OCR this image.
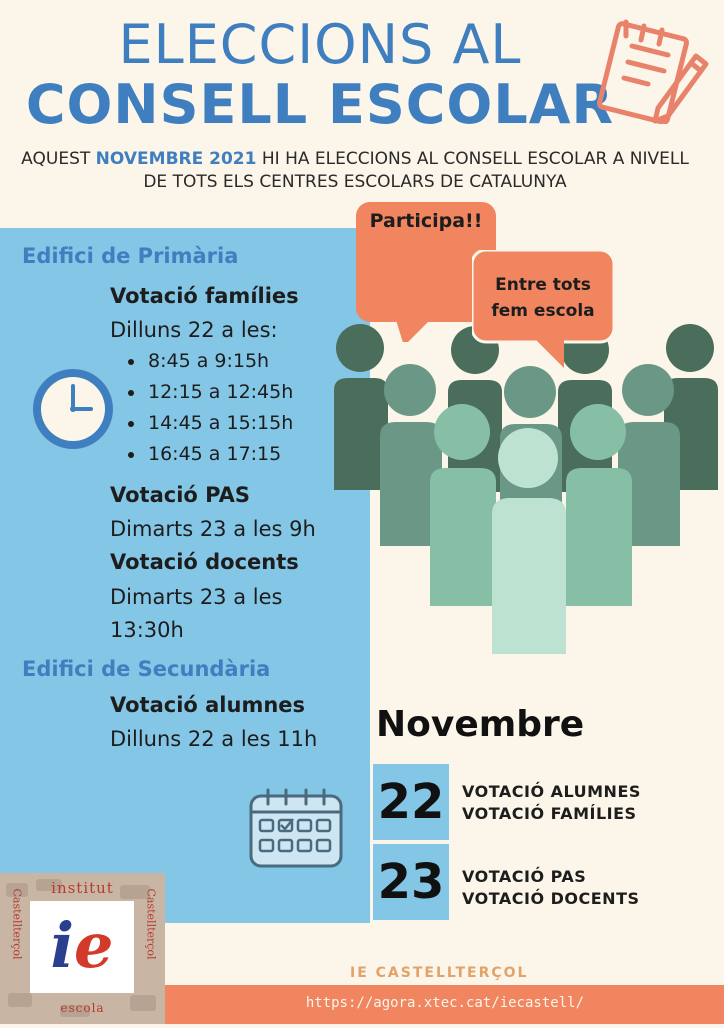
ELECCIONS AL
CONSELL ESCOLAR
AQUEST NOVEMBRE 2021 HI HA ELECCIONS AL CONSELL ESCOLAR A NIVELL DE TOTS ELS CENTRES ESCOLARS DE CATALUNYA
Edifici de Primària
Votació famílies
Dilluns 22 a les:
• 8:45 a 9:15h
• 12:15 a 12:45h
• 14:45 a 15:15h
• 16:45 a 17:15
Votació PAS
Dimarts 23 a les 9h
Votació docents
Dimarts 23 a les
13:30h
Edifici de Secundària
Votació alumnes
Dilluns 22 a les 11h
Participa!!
Entre tots
fem escola
Novembre
22 VOTACIÓ ALUMNES
VOTACIÓ FAMÍLIES
23 VOTACIÓ PAS
VOTACIÓ DOCENTS
IE CASTELLTERÇOL
https://agora.xtec.cat/iecastell/
institut
escola
ie
Castellterçol	Castellterçol
